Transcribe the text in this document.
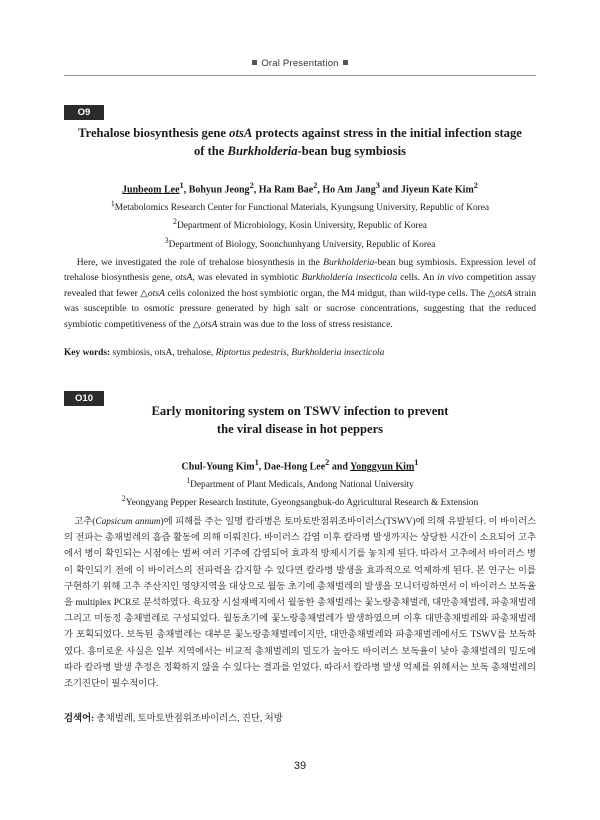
Oral Presentation
O9
Trehalose biosynthesis gene otsA protects against stress in the initial infection stage
of the Burkholderia-bean bug symbiosis
Junbeom Lee$^1$, Bohyun Jeong$^2$, Ha Ram Bae$^2$, Ho Am Jang$^3$ and Jiyeun Kate Kim$^2$
$^1$Metabolomics Research Center for Functional Materials, Kyungsung University, Republic of Korea
$^2$Department of Microbiology, Kosin University, Republic of Korea
$^3$Department of Biology, Soonchunhyang University, Republic of Korea
Here, we investigated the role of trehalose biosynthesis in the Burkholderia-bean bug symbiosis. Expression level of trehalose biosynthesis gene, otsA, was elevated in symbiotic Burkholderia insecticola cells. An in vivo competition assay revealed that fewer △otsA cells colonized the host symbiotic organ, the M4 midgut, than wild-type cells. The △otsA strain was susceptible to osmotic pressure generated by high salt or sucrose concentrations, suggesting that the reduced symbiotic competitiveness of the △otsA strain was due to the loss of stress resistance.
Key words: symbiosis, otsA, trehalose, Riptortus pedestris, Burkholderia insecticola
O10
Early monitoring system on TSWV infection to prevent
the viral disease in hot peppers
Chul-Young Kim$^1$, Dae-Hong Lee$^2$ and Yonggyun Kim$^1$
$^1$Department of Plant Medicals, Andong National University
$^2$Yeongyang Pepper Research Institute, Gyeongsangbuk-do Agricultural Research & Extension
고추(Capsicum annum)에 피해를 주는 일명 칼라병은 토마토반점위조바이러스(TSWV)에 의해 유발된다. 이 바이러스의 전파는 총채벌레의 흡즙 활동에 의해 이뤄진다. 바이러스 감염 이후 칼라병 발생까지는 상당한 시간이 소요되어 고추에서 병이 확인되는 시점에는 벌써 여러 기주에 감염되어 효과적 방제시기를 놓치게 된다. 따라서 고추에서 바이러스 병이 확인되기 전에 이 바이러스의 전파력을 감지할 수 있다면 칼라병 발생을 효과적으로 억제하게 된다. 본 연구는 이를 구현하기 위해 고추 주산지인 영양지역을 대상으로 월동 초기에 총채벌레의 발생을 모니터링하면서 이 바이러스 보독율을 multiplex PCR로 분석하였다. 육묘장 시설재배지에서 월동한 총채벌레는 꽃노랑총채벌레, 대만총채벌레, 파총채벌레 그리고 미동정 총채벌레로 구성되었다. 월동초기에 꽃노랑총채벌레가 발생하였으며 이후 대만총채벌레와 파총채벌레가 포획되었다. 보독된 총채벌레는 대부분 꽃노랑총채벌레이지만, 대만총채벌레와 파총채벌레에서도 TSWV를 보독하였다. 흥미로운 사실은 일부 지역에서는 비교적 총채벌레의 밀도가 높아도 바이러스 보독율이 낮아 총채벌레의 밀도에 따라 칼라병 발생 추정은 정확하지 않을 수 있다는 결과를 얻었다. 따라서 칼라병 발생 억제를 위해서는 보독 총채벌레의 조기진단이 필수적이다.
검색어: 총채벌레, 토마토반점위조바이러스, 진단, 처방
39
